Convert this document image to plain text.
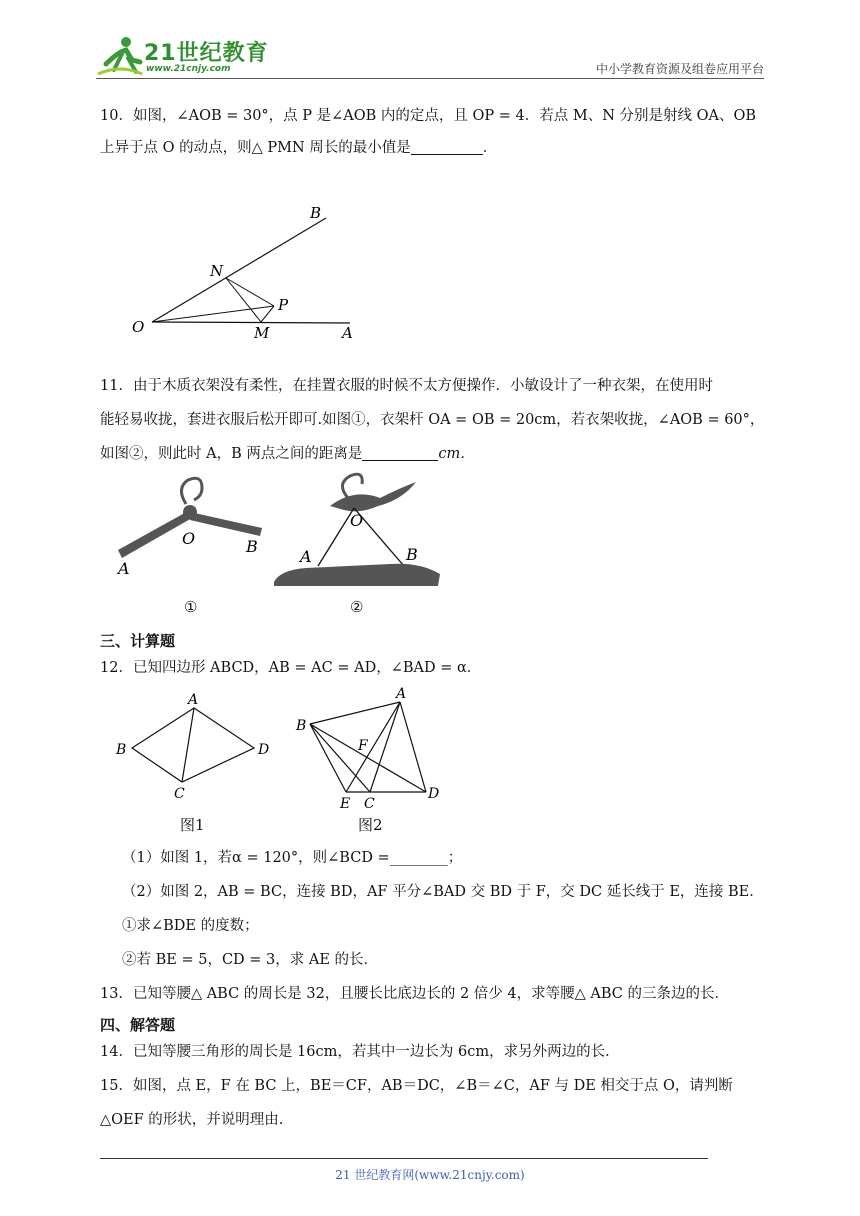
21世纪教育
www.21cnjy.com	中小学教育资源及组卷应用平台
10．如图，∠AOB = 30°，点 P 是∠AOB 内的定点，且 OP = 4．若点 M、N 分别是射线 OA、OB
上异于点 O 的动点，则△ PMN 周长的最小值是	．
B
N
P
O	M	A
11．由于木质衣架没有柔性，在挂置衣服的时候不太方便操作．小敏设计了一种衣架，在使用时
能轻易收拢，套进衣服后松开即可.如图①，衣架杆 OA = OB = 20cm，若衣架收拢，∠AOB = 60°，
如图②，则此时 A，B 两点之间的距离是	cm．
O	B
A
O
A	B
①	②
三、计算题
12．已知四边形 ABCD，AB = AC = AD，∠BAD = α．
A
B
C
D
A
B
F
E C
D
图1	图2
（1）如图 1，若α = 120°，则∠BCD =________；
（2）如图 2，AB = BC，连接 BD，AF 平分∠BAD 交 BD 于 F，交 DC 延长线于 E，连接 BE．
①求∠BDE 的度数；
②若 BE = 5，CD = 3，求 AE 的长．
13．已知等腰△ ABC 的周长是 32，且腰长比底边长的 2 倍少 4，求等腰△ ABC 的三条边的长．
四、解答题
14．已知等腰三角形的周长是 16cm，若其中一边长为 6cm，求另外两边的长．
15．如图，点 E，F 在 BC 上，BE＝CF，AB＝DC，∠B＝∠C，AF 与 DE 相交于点 O，请判断
△OEF 的形状，并说明理由.
21 世纪教育网(www.21cnjy.com)
